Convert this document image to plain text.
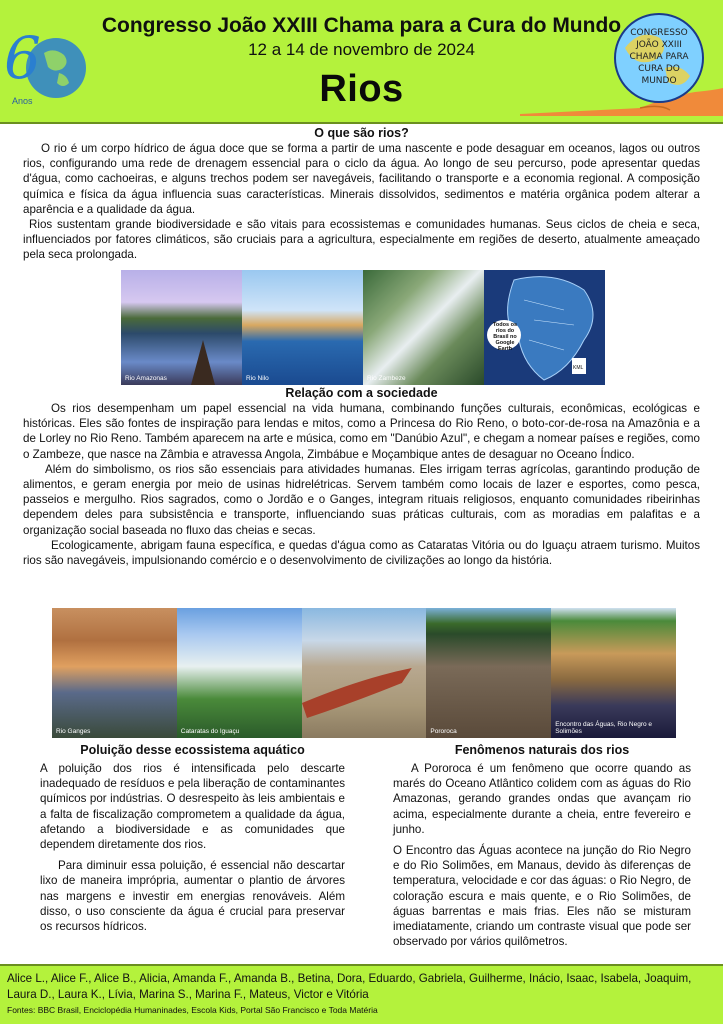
6
Anos
Congresso João XXIII Chama para a Cura do Mundo
12 a 14 de novembro de 2024
Rios
CONGRESSO
JOÃO XXIII
CHAMA PARA
CURA DO
MUNDO
O que são rios?

O rio é um corpo hídrico de água doce que se forma a partir de uma nascente e pode desaguar em oceanos, lagos ou outros rios, configurando uma rede de drenagem essencial para o ciclo da água. Ao longo de seu percurso, pode apresentar quedas d'água, como cachoeiras, e alguns trechos podem ser navegáveis, facilitando o transporte e a economia regional. A composição química e física da água influencia suas características. Minerais dissolvidos, sedimentos e matéria orgânica podem alterar a aparência e a qualidade da água.

Rios sustentam grande biodiversidade e são vitais para ecossistemas e comunidades humanas. Seus ciclos de cheia e seca, influenciados por fatores climáticos, são cruciais para a agricultura, especialmente em regiões de deserto, atualmente ameaçado pela seca prolongada.

Rio Amazonas	Rio Nilo	Rio Zambeze
Todos os rios do Brasil no Google Earth
KML
Relação com a sociedade

Os rios desempenham um papel essencial na vida humana, combinando funções culturais, econômicas, ecológicas e históricas. Eles são fontes de inspiração para lendas e mitos, como a Princesa do Rio Reno, o boto-cor-de-rosa na Amazônia e a de Lorley no Rio Reno. Também aparecem na arte e música, como em "Danúbio Azul", e chegam a nomear países e regiões, como o Zambeze, que nasce na Zâmbia e atravessa Angola, Zimbábue e Moçambique antes de desaguar no Oceano Índico.

Além do simbolismo, os rios são essenciais para atividades humanas. Eles irrigam terras agrícolas, garantindo produção de alimentos, e geram energia por meio de usinas hidrelétricas. Servem também como locais de lazer e esportes, como pesca, passeios e mergulho. Rios sagrados, como o Jordão e o Ganges, integram rituais religiosos, enquanto comunidades ribeirinhas dependem deles para subsistência e transporte, influenciando suas práticas culturais, com as moradias em palafitas e a organização social baseada no fluxo das cheias e secas.

Ecologicamente, abrigam fauna específica, e quedas d'água como as Cataratas Vitória ou do Iguaçu atraem turismo. Muitos rios são navegáveis, impulsionando comércio e o desenvolvimento de civilizações ao longo da história.

Rio Ganges	Cataratas do Iguaçu	Pororoca
Encontro das Águas, Rio Negro e Solimões
Poluição desse ecossistema aquático

A poluição dos rios é intensificada pelo descarte inadequado de resíduos e pela liberação de contaminantes químicos por indústrias. O desrespeito às leis ambientais e a falta de fiscalização comprometem a qualidade da água, afetando a biodiversidade e as comunidades que dependem diretamente dos rios.

Para diminuir essa poluição, é essencial não descartar lixo de maneira imprópria, aumentar o plantio de árvores nas margens e investir em energias renováveis. Além disso, o uso consciente da água é crucial para preservar os recursos hídricos.

Fenômenos naturais dos rios

A Pororoca é um fenômeno que ocorre quando as marés do Oceano Atlântico colidem com as águas do Rio Amazonas, gerando grandes ondas que avançam rio acima, especialmente durante a cheia, entre fevereiro e junho.

O Encontro das Águas acontece na junção do Rio Negro e do Rio Solimões, em Manaus, devido às diferenças de temperatura, velocidade e cor das águas: o Rio Negro, de coloração escura e mais quente, e o Rio Solimões, de águas barrentas e mais frias. Eles não se misturam imediatamente, criando um contraste visual que pode ser observado por vários quilômetros.

Alice L., Alice F., Alice B., Alicia, Amanda F., Amanda B., Betina, Dora, Eduardo, Gabriela, Guilherme, Inácio, Isaac, Isabela, Joaquim, Laura D., Laura K., Lívia, Marina S., Marina F., Mateus, Victor e Vitória
Fontes: BBC Brasil, Enciclopédia Humaninades, Escola Kids, Portal São Francisco e Toda Matéria
